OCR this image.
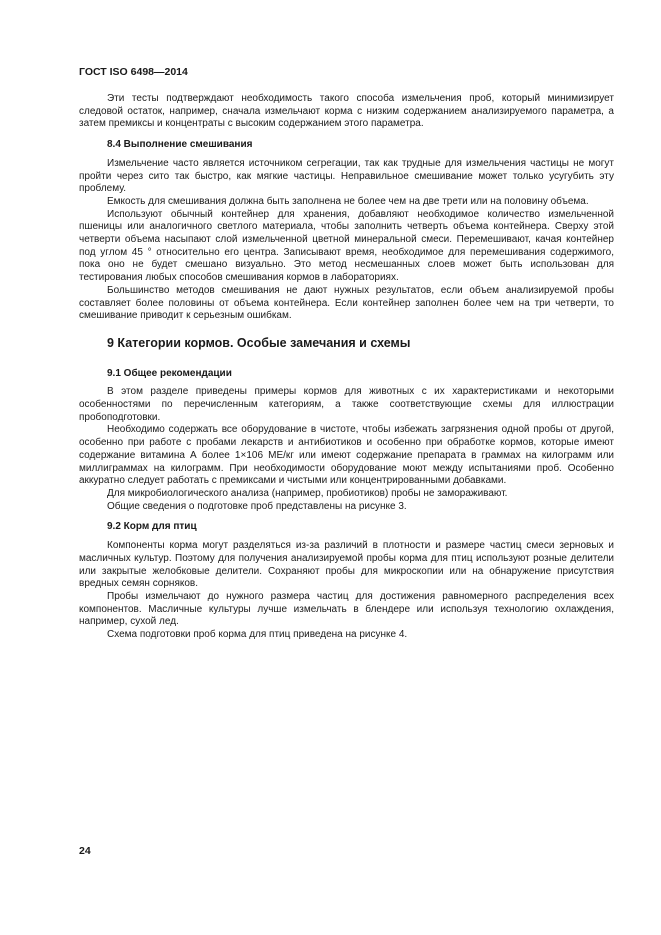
ГОСТ ISO 6498—2014

Эти тесты подтверждают необходимость такого способа измельчения проб, который минимизирует следовой остаток, например, сначала измельчают корма с низким содержанием анализируемого параметра, а затем премиксы и концентраты с высоким содержанием этого параметра.

8.4 Выполнение смешивания

Измельчение часто является источником сегрегации, так как трудные для измельчения частицы не могут пройти через сито так быстро, как мягкие частицы. Неправильное смешивание может только усугубить эту проблему.

Емкость для смешивания должна быть заполнена не более чем на две трети или на половину объема.

Используют обычный контейнер для хранения, добавляют необходимое количество измельченной пшеницы или аналогичного светлого материала, чтобы заполнить четверть объема контейнера. Сверху этой четверти объема насыпают слой измельченной цветной минеральной смеси. Перемешивают, качая контейнер под углом 45 ° относительно его центра. Записывают время, необходимое для перемешивания содержимого, пока оно не будет смешано визуально. Это метод несмешанных слоев может быть использован для тестирования любых способов смешивания кормов в лабораториях.

Большинство методов смешивания не дают нужных результатов, если объем анализируемой пробы составляет более половины от объема контейнера. Если контейнер заполнен более чем на три четверти, то смешивание приводит к серьезным ошибкам.

9 Категории кормов. Особые замечания и схемы
9.1 Общее рекомендации

В этом разделе приведены примеры кормов для животных с их характеристиками и некоторыми особенностями по перечисленным категориям, а также соответствующие схемы для иллюстрации пробоподготовки.

Необходимо содержать все оборудование в чистоте, чтобы избежать загрязнения одной пробы от другой, особенно при работе с пробами лекарств и антибиотиков и особенно при обработке кормов, которые имеют содержание витамина А более 1×106 МЕ/кг или имеют содержание препарата в граммах на килограмм или миллиграммах на килограмм. При необходимости оборудование моют между испытаниями проб. Особенно аккуратно следует работать с премиксами и чистыми или концентрированными добавками.

Для микробиологического анализа (например, пробиотиков) пробы не замораживают.

Общие сведения о подготовке проб представлены на рисунке 3.

9.2 Корм для птиц

Компоненты корма могут разделяться из-за различий в плотности и размере частиц смеси зерновых и масличных культур. Поэтому для получения анализируемой пробы корма для птиц используют розные делители или закрытые желобковые делители. Сохраняют пробы для микроскопии или на обнаружение присутствия вредных семян сорняков.

Пробы измельчают до нужного размера частиц для достижения равномерного распределения всех компонентов. Масличные культуры лучше измельчать в блендере или используя технологию охлаждения, например, сухой лед.

Схема подготовки проб корма для птиц приведена на рисунке 4.

24
